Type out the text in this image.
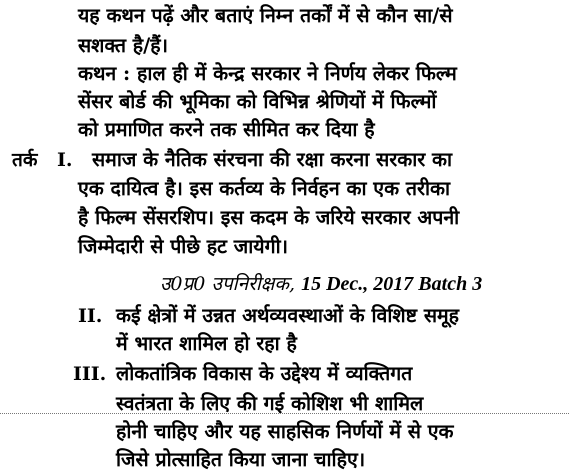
यह कथन पढ़ें और बताएं निम्न तर्कों में से कौन सा/से
सशक्त है/हैं।
कथन : हाल ही में केन्द्र सरकार ने निर्णय लेकर फिल्म
सेंसर बोर्ड की भूमिका को विभिन्न श्रेणियों में फिल्मों
को प्रमाणित करने तक सीमित कर दिया है
तर्क I. समाज के नैतिक संरचना की रक्षा करना सरकार का
एक दायित्व है। इस कर्तव्य के निर्वहन का एक तरीका
है फिल्म सेंसरशिप। इस कदम के जरिये सरकार अपनी
जिम्मेदारी से पीछे हट जायेगी।
उ0प्र0 उपनिरीक्षक, 15 Dec., 2017 Batch 3
II. कई क्षेत्रों में उन्नत अर्थव्यवस्थाओं के विशिष्ट समूह
में भारत शामिल हो रहा है
III. लोकतांत्रिक विकास के उद्देश्य में व्यक्तिगत
स्वतंत्रता के लिए की गई कोशिश भी शामिल
होनी चाहिए और यह साहसिक निर्णयों में से एक
जिसे प्रोत्साहित किया जाना चाहिए।
